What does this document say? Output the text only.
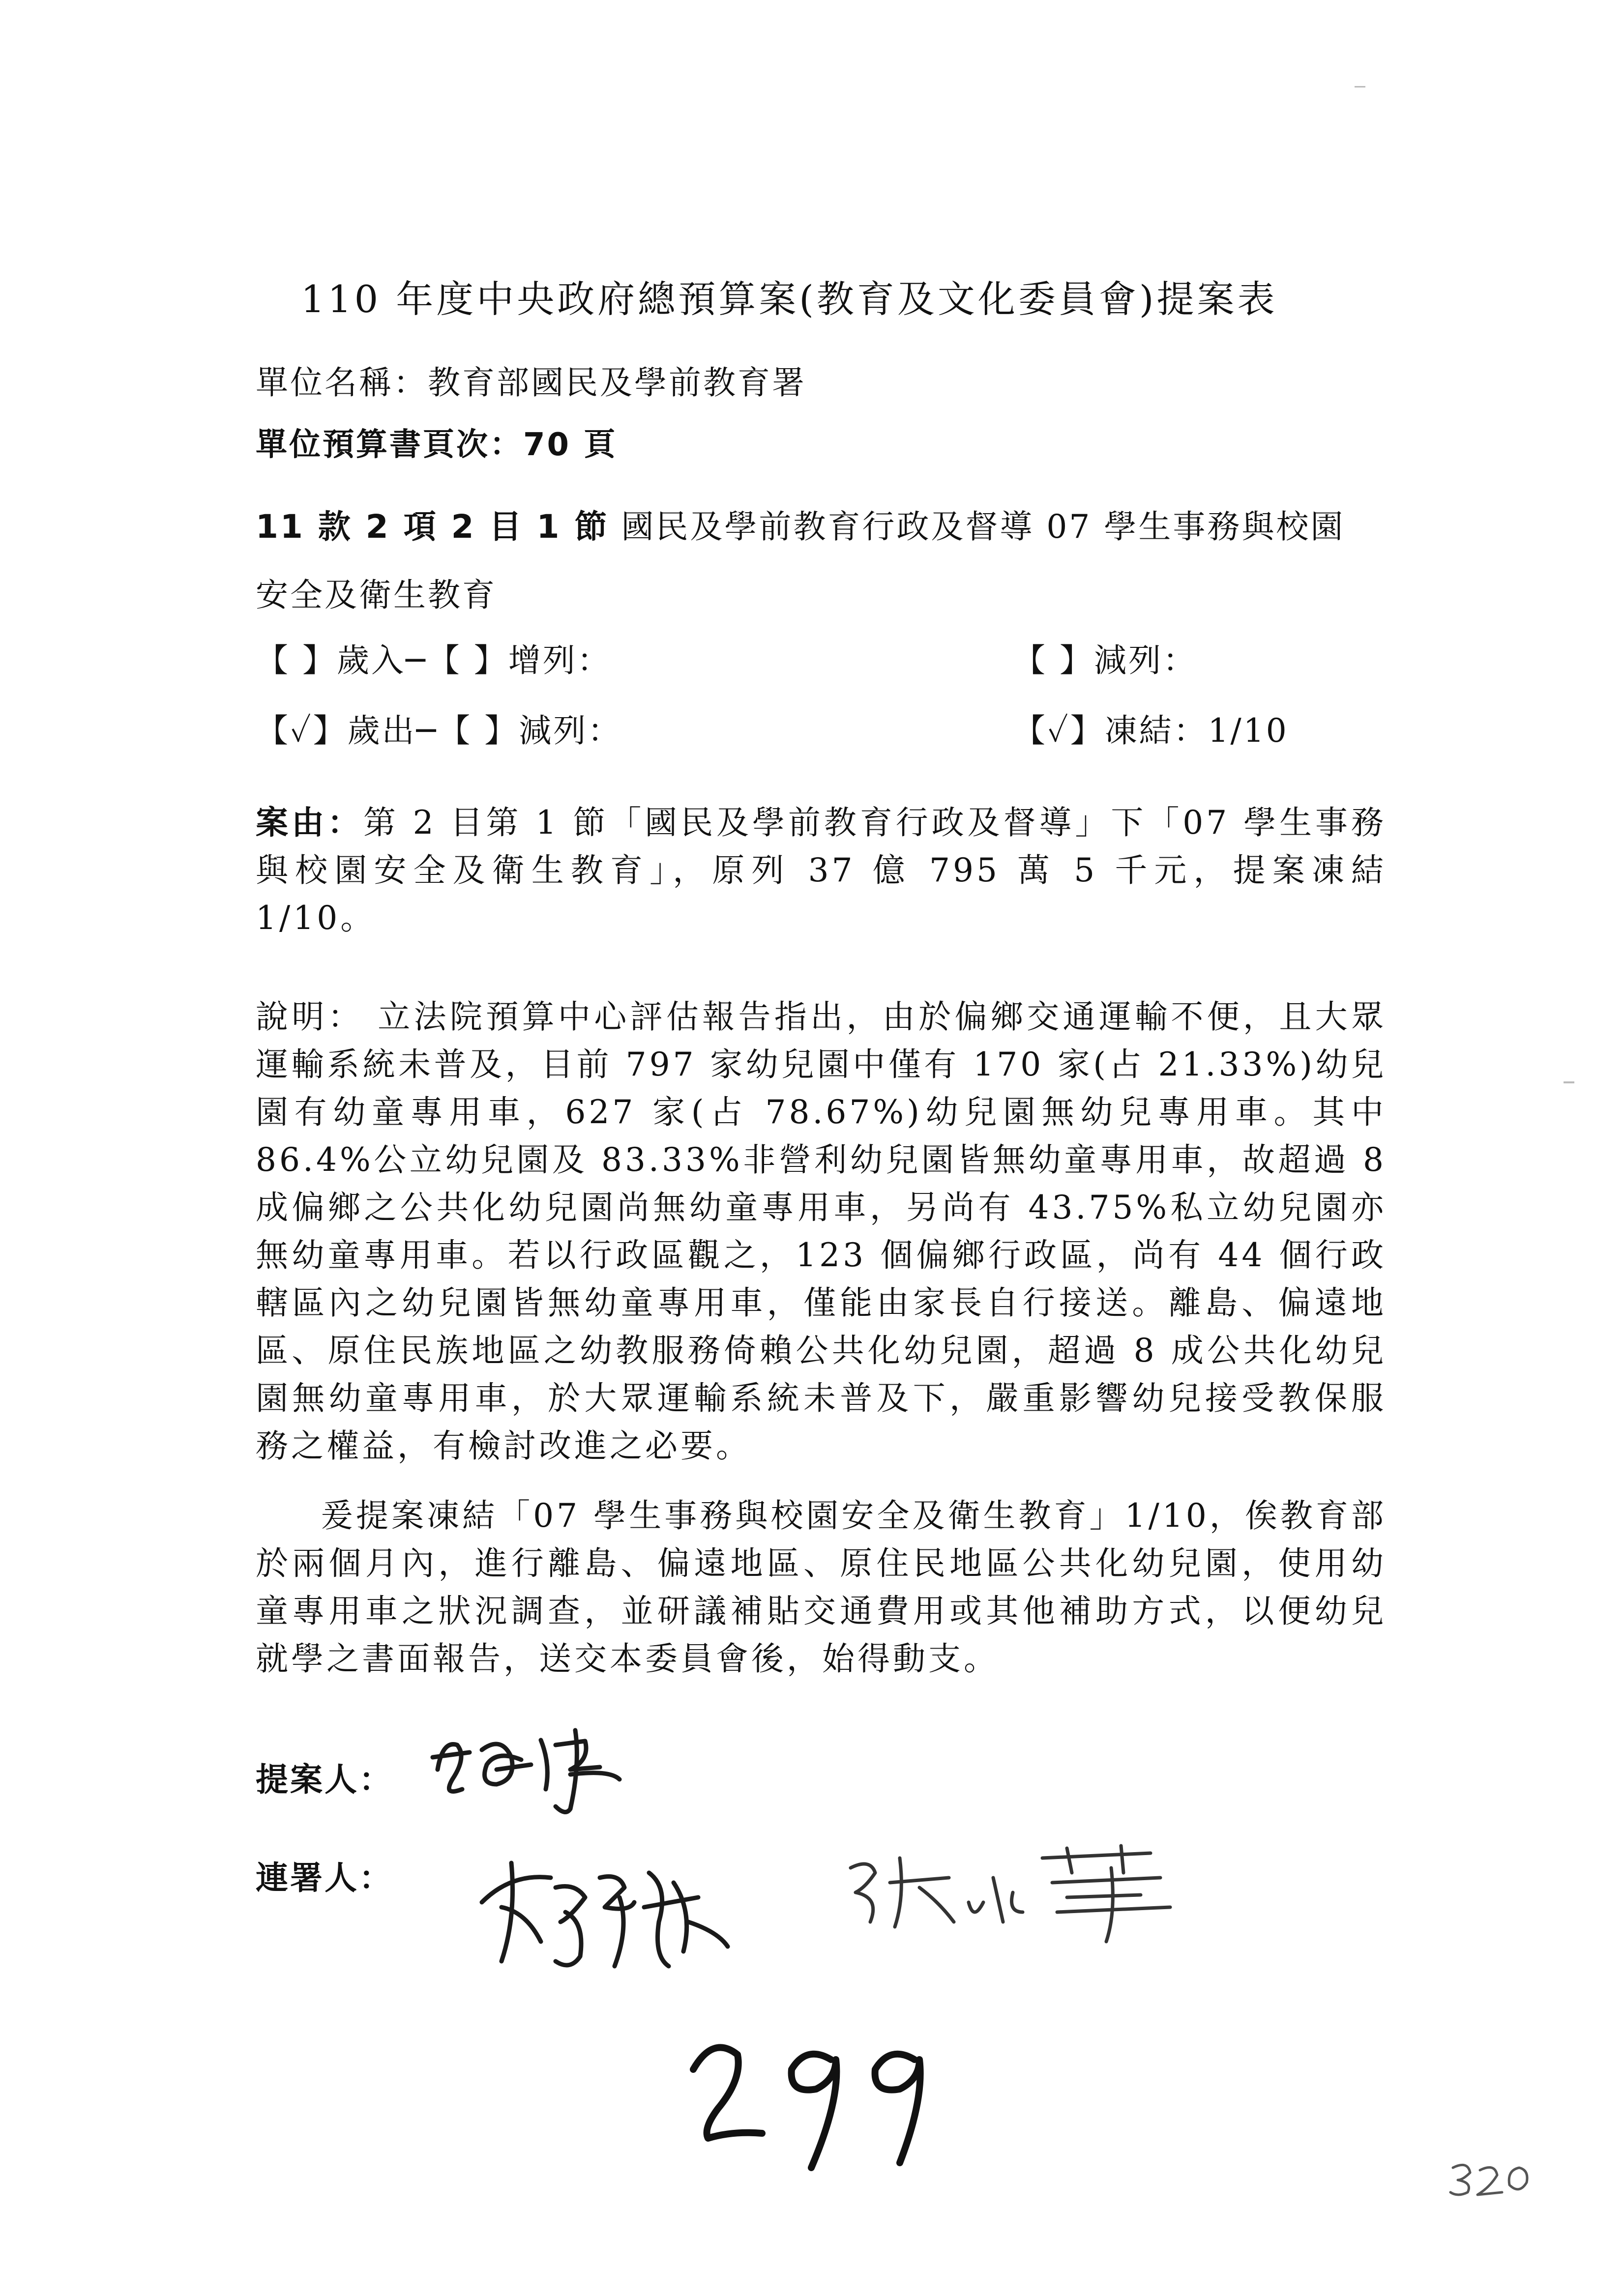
110 年度中央政府總預算案(教育及文化委員會)提案表
單位名稱：教育部國民及學前教育署
單位預算書頁次：70 頁
11 款 2 項 2 目 1 節 國民及學前教育行政及督導 07 學生事務與校園
安全及衛生教育
【 】歲入─【 】增列：	【 】減列：
【✓】歲出─【 】減列：	【✓】凍結：1/10
案由：第 2 目第 1 節「國民及學前教育行政及督導」下「07 學生事務與校園安全及衛生教育」，原列 37 億 795 萬 5 千元，提案凍結 1/10。
說明： 立法院預算中心評估報告指出，由於偏鄉交通運輸不便，且大眾運輸系統未普及，目前 797 家幼兒園中僅有 170 家(占 21.33%)幼兒園有幼童專用車，627 家(占 78.67%)幼兒園無幼兒專用車。其中 86.4%公立幼兒園及 83.33%非營利幼兒園皆無幼童專用車，故超過 8 成偏鄉之公共化幼兒園尚無幼童專用車，另尚有 43.75%私立幼兒園亦無幼童專用車。若以行政區觀之，123 個偏鄉行政區，尚有 44 個行政轄區內之幼兒園皆無幼童專用車，僅能由家長自行接送。離島、偏遠地區、原住民族地區之幼教服務倚賴公共化幼兒園，超過 8 成公共化幼兒園無幼童專用車，於大眾運輸系統未普及下，嚴重影響幼兒接受教保服務之權益，有檢討改進之必要。
爰提案凍結「07 學生事務與校園安全及衛生教育」1/10，俟教育部於兩個月內，進行離島、偏遠地區、原住民地區公共化幼兒園，使用幼童專用車之狀況調查，並研議補貼交通費用或其他補助方式，以便幼兒就學之書面報告，送交本委員會後，始得動支。
提案人：
連署人：
